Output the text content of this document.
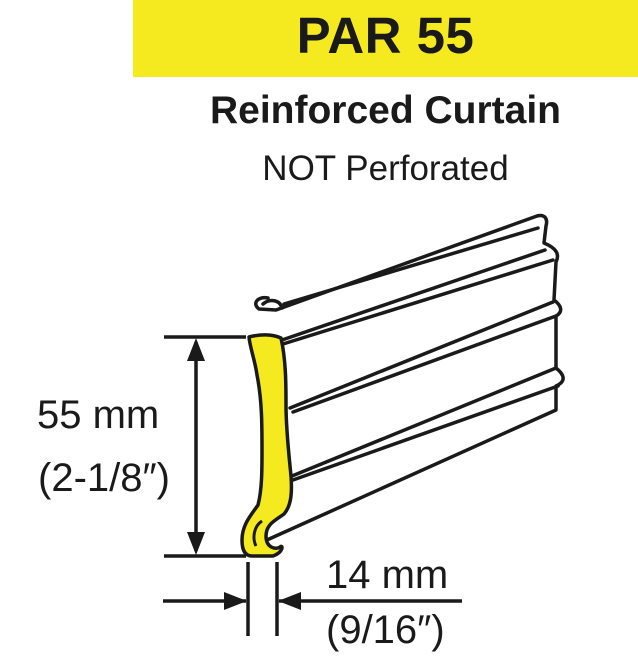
PAR 55
Reinforced Curtain
NOT Perforated
55 mm
(2-1/8″)
14 mm
(9/16″)
